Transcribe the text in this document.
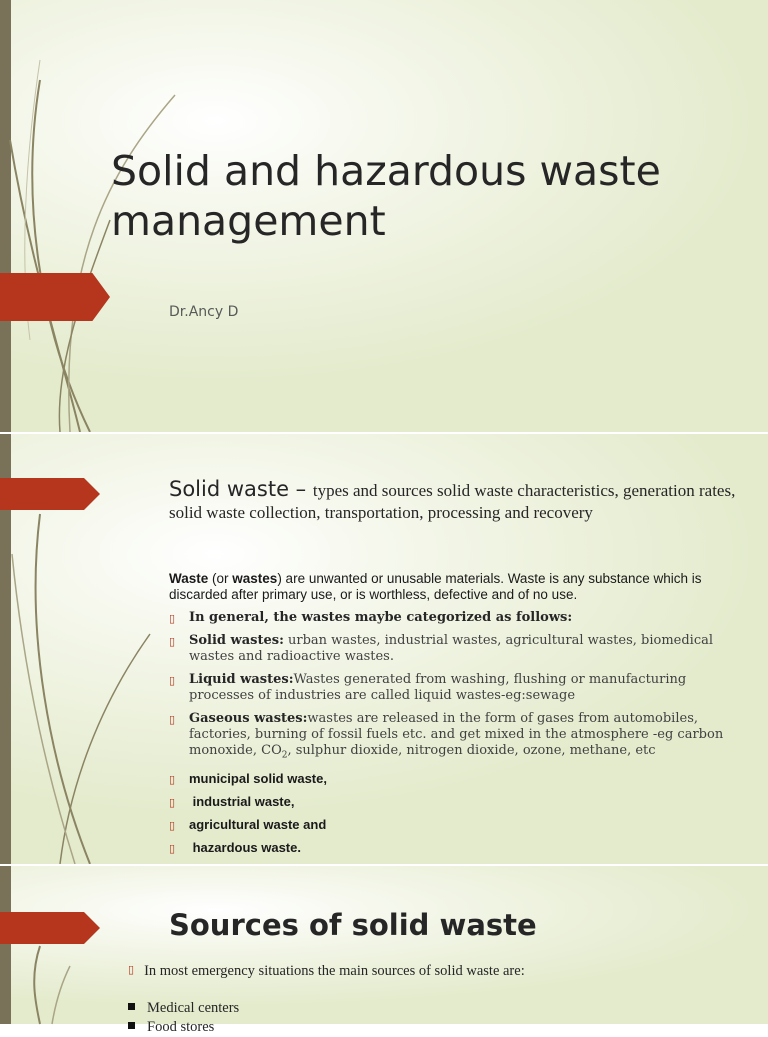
Solid and hazardous waste management
Dr.Ancy D
Solid waste – types and sources solid waste characteristics, generation rates, solid waste collection, transportation, processing and recovery
Waste (or wastes) are unwanted or unusable materials. Waste is any substance which is discarded after primary use, or is worthless, defective and of no use.
▯ In general, the wastes maybe categorized as follows:
▯ Solid wastes: urban wastes, industrial wastes, agricultural wastes, biomedical wastes and radioactive wastes.
▯ Liquid wastes:Wastes generated from washing, flushing or manufacturing processes of industries are called liquid wastes-eg:sewage
▯ Gaseous wastes:wastes are released in the form of gases from automobiles, factories, burning of fossil fuels etc. and get mixed in the atmosphere -eg carbon monoxide, $CO_2$, sulphur dioxide, nitrogen dioxide, ozone, methane, etc
▯ municipal solid waste,
▯ industrial waste,
▯ agricultural waste and
▯ hazardous waste.
Sources of solid waste
▯ In most emergency situations the main sources of solid waste are:
Medical centers
Food stores
